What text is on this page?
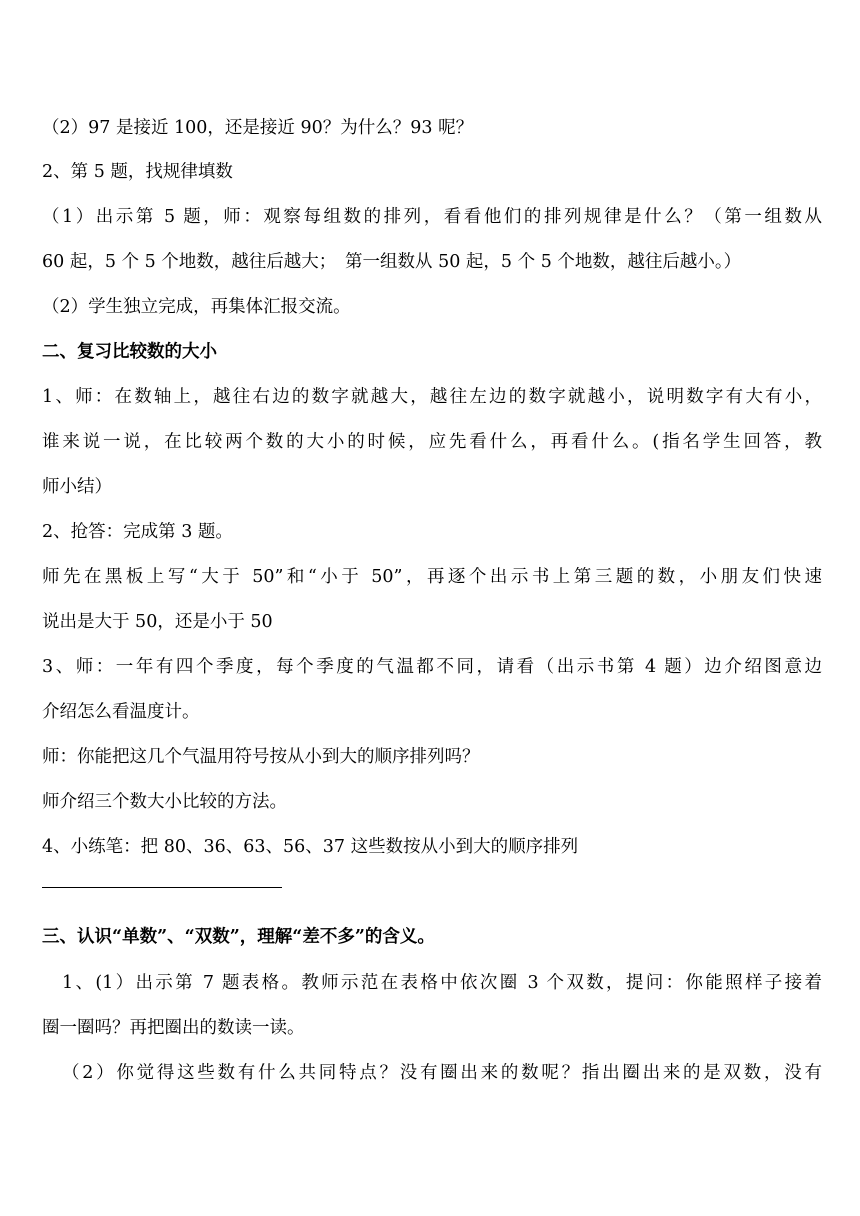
（2）97 是接近 100，还是接近 90？为什么？93 呢？
2、第 5 题，找规律填数
（1）出示第 5 题，师：观察每组数的排列，看看他们的排列规律是什么？（第一组数从
60 起，5 个 5 个地数，越往后越大；　第一组数从 50 起，5 个 5 个地数，越往后越小。）
（2）学生独立完成，再集体汇报交流。
二、复习比较数的大小
1、师：在数轴上，越往右边的数字就越大，越往左边的数字就越小，说明数字有大有小，
谁来说一说，在比较两个数的大小的时候，应先看什么，再看什么。(指名学生回答，教
师小结）
2、抢答：完成第 3 题。
师先在黑板上写“大于 50”和“小于 50”，再逐个出示书上第三题的数，小朋友们快速
说出是大于 50，还是小于 50
3、师：一年有四个季度，每个季度的气温都不同，请看（出示书第 4 题）边介绍图意边
介绍怎么看温度计。
师：你能把这几个气温用符号按从小到大的顺序排列吗？
师介绍三个数大小比较的方法。
4、小练笔：把 80、36、63、56、37 这些数按从小到大的顺序排列
三、认识“单数”、“双数”，理解“差不多”的含义。
1、(1）出示第 7 题表格。教师示范在表格中依次圈 3 个双数，提问：你能照样子接着
圈一圈吗？再把圈出的数读一读。
（2）你觉得这些数有什么共同特点？没有圈出来的数呢？指出圈出来的是双数，没有
